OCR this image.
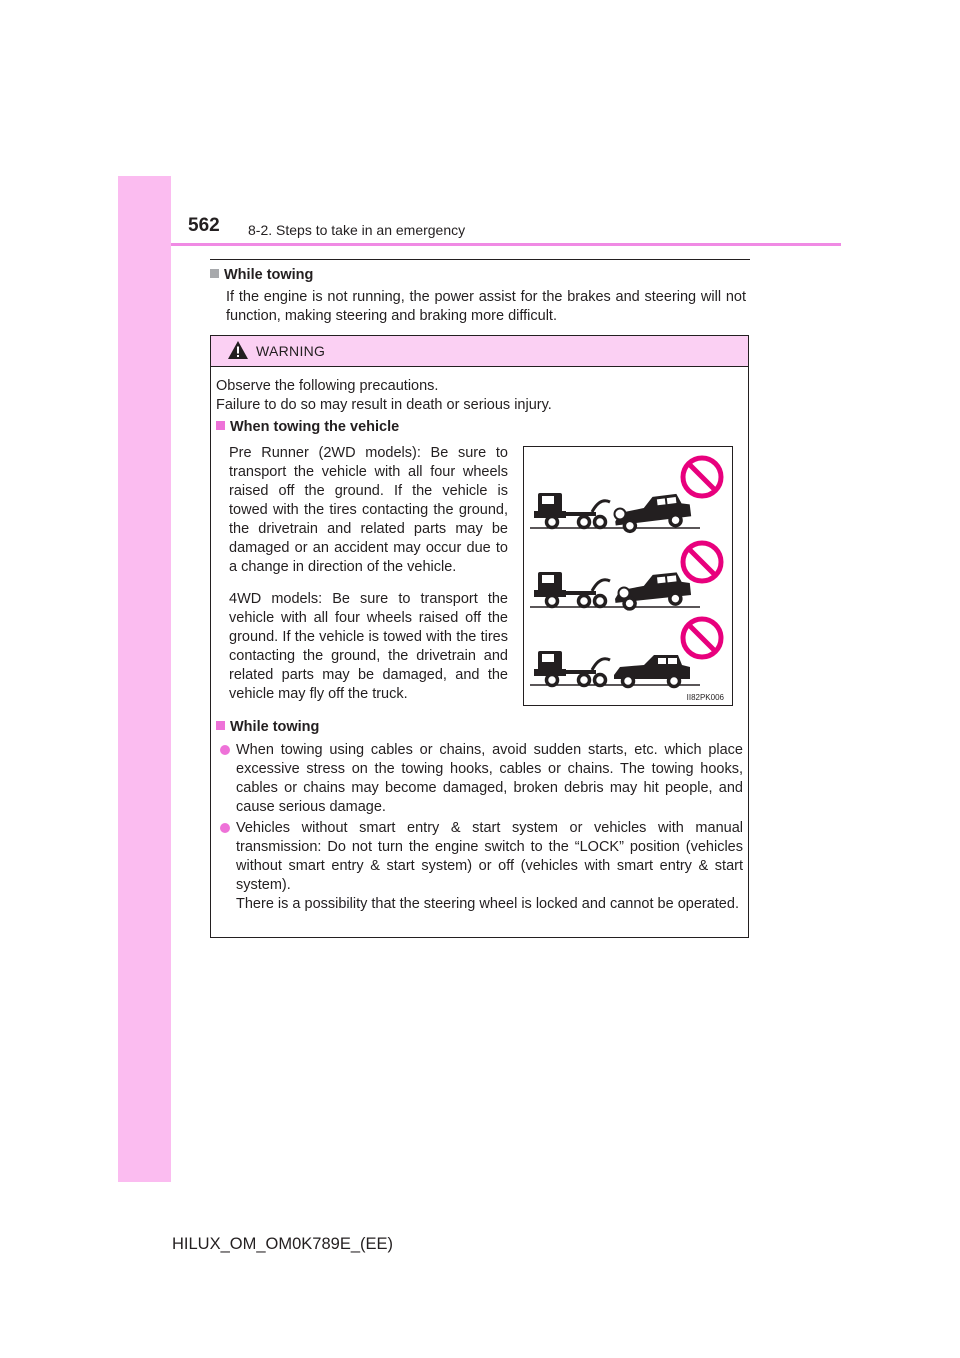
562 8-2. Steps to take in an emergency
While towing

If the engine is not running, the power assist for the brakes and steering will not function, making steering and braking more difficult.

WARNING

Observe the following precautions.

Failure to do so may result in death or serious injury.

When towing the vehicle

Pre Runner (2WD models): Be sure to transport the vehicle with all four wheels raised off the ground. If the vehicle is towed with the tires contacting the ground, the drivetrain and related parts may be damaged or an accident may occur due to a change in direction of the vehicle.

4WD models: Be sure to transport the vehicle with all four wheels raised off the ground. If the vehicle is towed with the tires contacting the ground, the drivetrain and related parts may be damaged, and the vehicle may fly off the truck.	II82PK006
While towing

When towing using cables or chains, avoid sudden starts, etc. which place excessive stress on the towing hooks, cables or chains. The towing hooks, cables or chains may become damaged, broken debris may hit people, and cause serious damage.

Vehicles without smart entry & start system or vehicles with manual transmission: Do not turn the engine switch to the “LOCK” position (vehicles without smart entry & start system) or off (vehicles with smart entry & start system).
There is a possibility that the steering wheel is locked and cannot be operated.

HILUX_OM_OM0K789E_(EE)
